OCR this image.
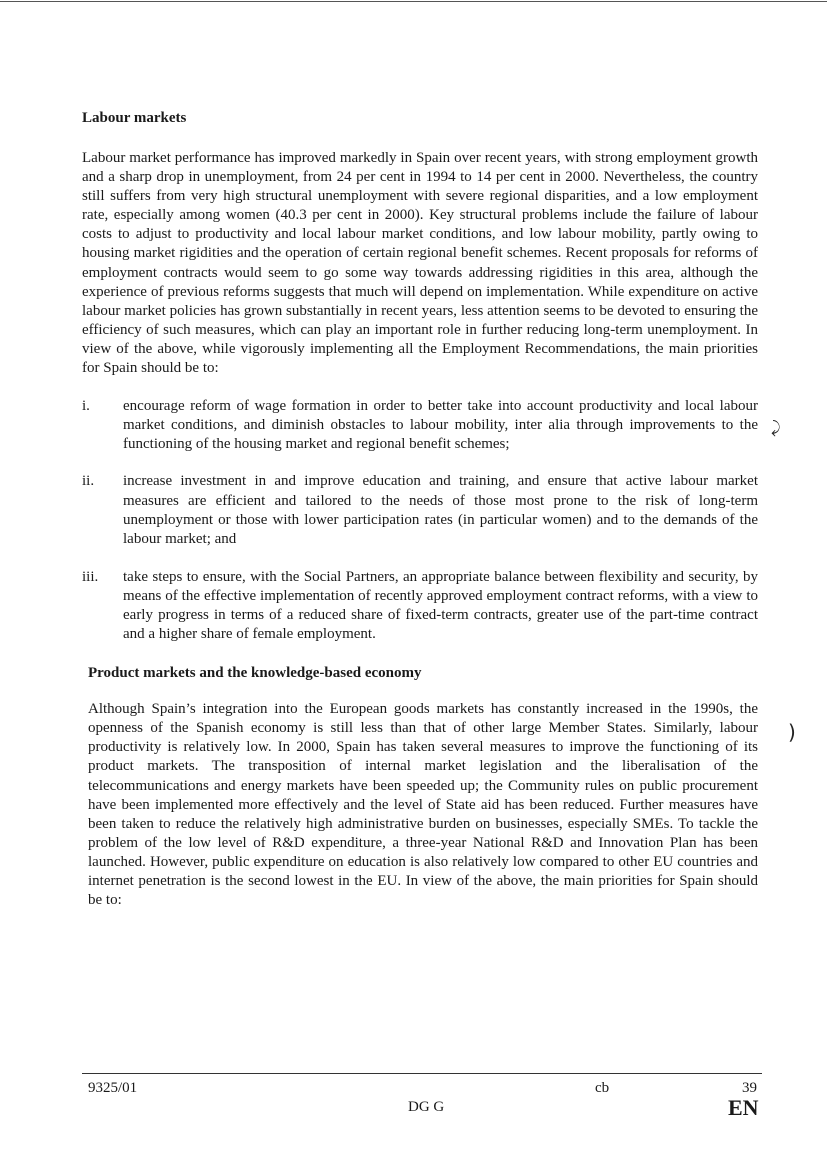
Labour markets

Labour market performance has improved markedly in Spain over recent years, with strong employment growth and a sharp drop in unemployment, from 24 per cent in 1994 to 14 per cent in 2000. Nevertheless, the country still suffers from very high structural unemployment with severe regional disparities, and a low employment rate, especially among women (40.3 per cent in 2000). Key structural problems include the failure of labour costs to adjust to productivity and local labour market conditions, and low labour mobility, partly owing to housing market rigidities and the operation of certain regional benefit schemes. Recent proposals for reforms of employment contracts would seem to go some way towards addressing rigidities in this area, although the experience of previous reforms suggests that much will depend on implementation. While expenditure on active labour market policies has grown substantially in recent years, less attention seems to be devoted to ensuring the efficiency of such measures, which can play an important role in further reducing long-term unemployment. In view of the above, while vigorously implementing all the Employment Recommendations, the main priorities for Spain should be to:

i.	encourage reform of wage formation in order to better take into account productivity and local labour market conditions, and diminish obstacles to labour mobility, inter alia through improvements to the functioning of the housing market and regional benefit schemes;
ii.	increase investment in and improve education and training, and ensure that active labour market measures are efficient and tailored to the needs of those most prone to the risk of long-term unemployment or those with lower participation rates (in particular women) and to the demands of the labour market; and
iii.	take steps to ensure, with the Social Partners, an appropriate balance between flexibility and security, by means of the effective implementation of recently approved employment contract reforms, with a view to early progress in terms of a reduced share of fixed-term contracts, greater use of the part-time contract and a higher share of female employment.
Product markets and the knowledge-based economy

Although Spain’s integration into the European goods markets has constantly increased in the 1990s, the openness of the Spanish economy is still less than that of other large Member States. Similarly, labour productivity is relatively low. In 2000, Spain has taken several measures to improve the functioning of its product markets. The transposition of internal market legislation and the liberalisation of the telecommunications and energy markets have been speeded up; the Community rules on public procurement have been implemented more effectively and the level of State aid has been reduced. Further measures have been taken to reduce the relatively high administrative burden on businesses, especially SMEs. To tackle the problem of the low level of R&D expenditure, a three-year National R&D and Innovation Plan has been launched. However, public expenditure on education is also relatively low compared to other EU countries and internet penetration is the second lowest in the EU. In view of the above, the main priorities for Spain should be to:

⤸
)
9325/01	cb	39
DG G	EN
